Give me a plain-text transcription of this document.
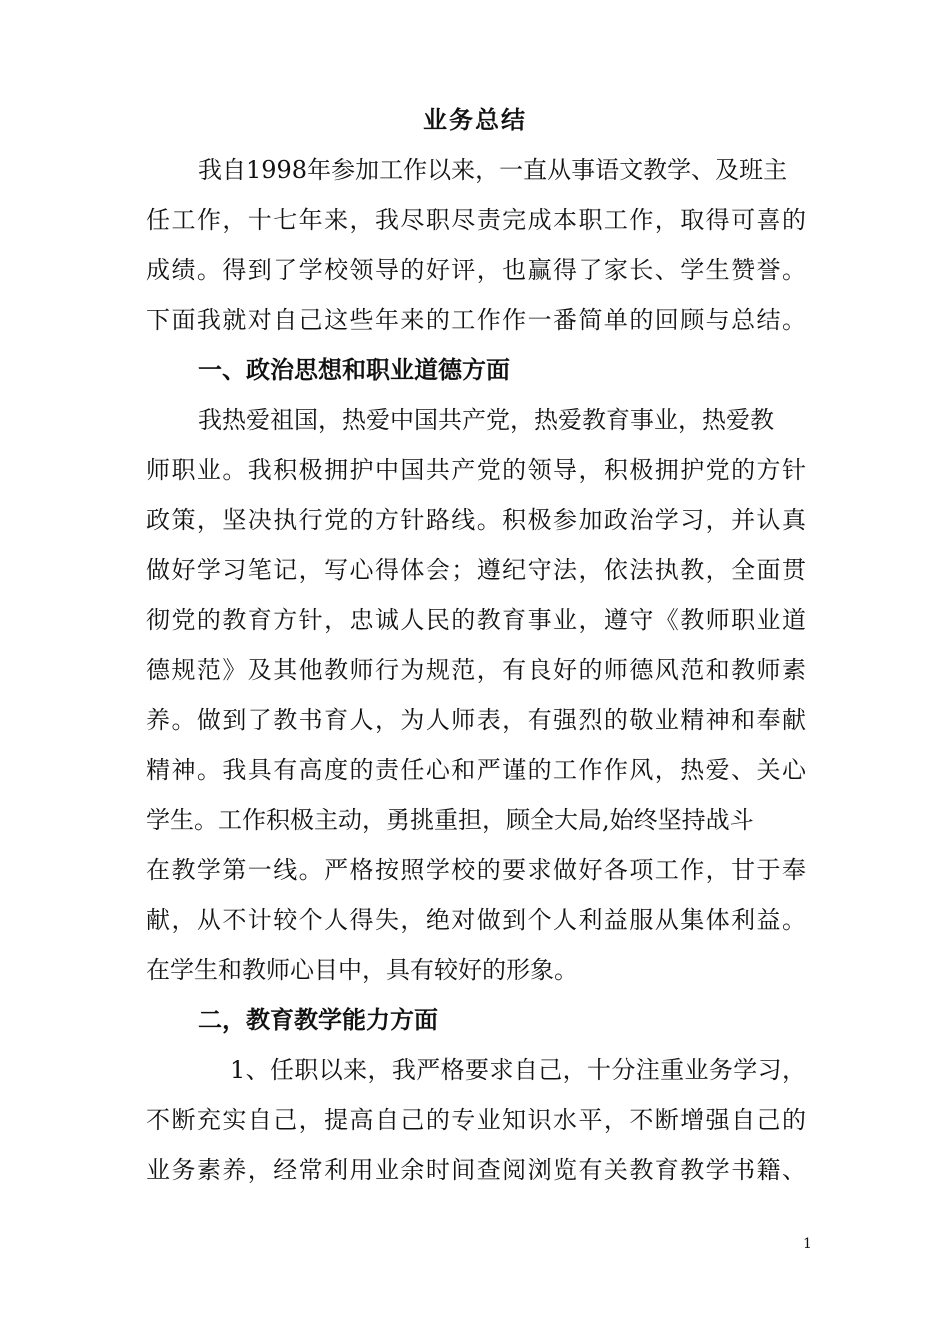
业务总结
我自1998年参加工作以来，一直从事语文教学、及班主
任工作，十七年来，我尽职尽责完成本职工作，取得可喜的
成绩。得到了学校领导的好评，也赢得了家长、学生赞誉。
下面我就对自己这些年来的工作作一番简单的回顾与总结。
一、政治思想和职业道德方面
我热爱祖国，热爱中国共产党，热爱教育事业，热爱教
师职业。我积极拥护中国共产党的领导，积极拥护党的方针
政策，坚决执行党的方针路线。积极参加政治学习，并认真
做好学习笔记，写心得体会；遵纪守法，依法执教，全面贯
彻党的教育方针，忠诚人民的教育事业，遵守《教师职业道
德规范》及其他教师行为规范，有良好的师德风范和教师素
养。做到了教书育人，为人师表，有强烈的敬业精神和奉献
精神。我具有高度的责任心和严谨的工作作风，热爱、关心
学生。工作积极主动，勇挑重担，顾全大局,始终坚持战斗
在教学第一线。严格按照学校的要求做好各项工作，甘于奉
献，从不计较个人得失，绝对做到个人利益服从集体利益。
在学生和教师心目中，具有较好的形象。
二，教育教学能力方面
1、任职以来，我严格要求自己，十分注重业务学习，
不断充实自己，提高自己的专业知识水平，不断增强自己的
业务素养，经常利用业余时间查阅浏览有关教育教学书籍、
1
